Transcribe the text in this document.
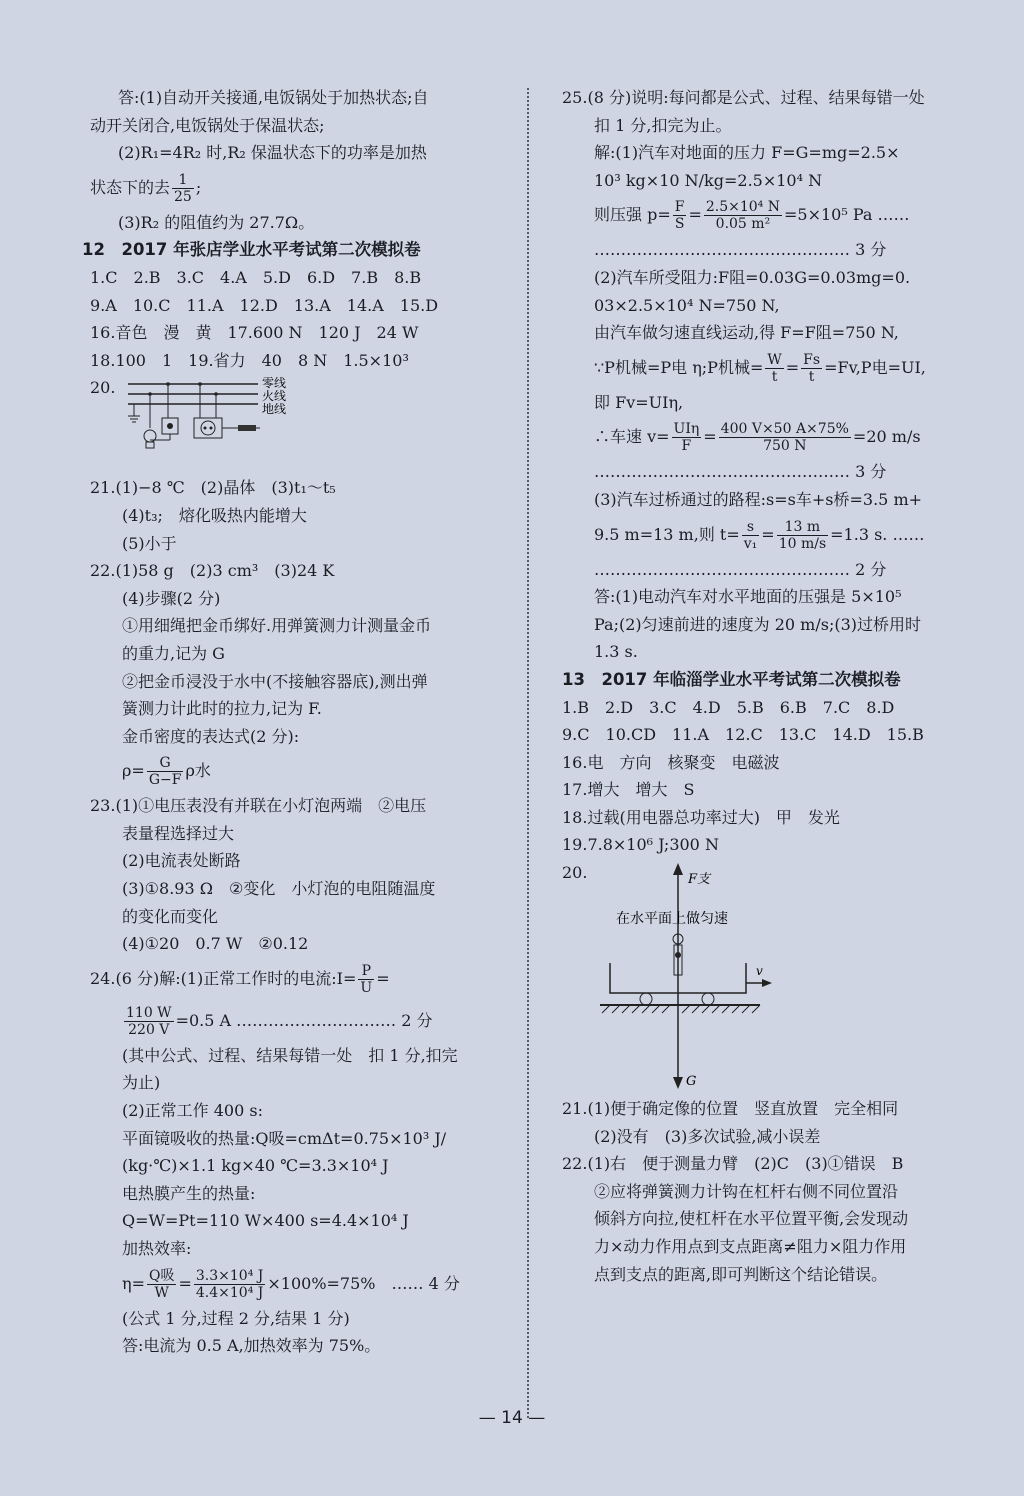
答:(1)自动开关接通,电饭锅处于加热状态;自
动开关闭合,电饭锅处于保温状态;
(2)R₁=4R₂ 时,R₂ 保温状态下的功率是加热
状态下的去 $\frac{1}{25}$ ;
(3)R₂ 的阻值约为 27.7Ω。
12　2017 年张店学业水平考试第二次模拟卷
1.C　2.B　3.C　4.A　5.D　6.D　7.B　8.B
9.A　10.C　11.A　12.D　13.A　14.A　15.D
16.音色　漫　黄　17.600 N　120 J　24 W
18.100　1　19.省力　40　8 N　1.5×10³
20.	零线
火线
地线
21.(1)−8 ℃　(2)晶体　(3)t₁～t₅
(4)t₃;　熔化吸热内能增大
(5)小于
22.(1)58 g　(2)3 cm³　(3)24 K
(4)步骤(2 分)
①用细绳把金币绑好.用弹簧测力计测量金币
的重力,记为 G
②把金币浸没于水中(不接触容器底),测出弹
簧测力计此时的拉力,记为 F.
金币密度的表达式(2 分):
$\rho= \frac{G}{G-F}$ ρ水
23.(1)①电压表没有并联在小灯泡两端　②电压
表量程选择过大
(2)电流表处断路
(3)①8.93 Ω　②变化　小灯泡的电阻随温度
的变化而变化
(4)①20　0.7 W　②0.12
24.(6 分)解:(1)正常工作时的电流:I= $\frac{P}{U}$ =
$\frac{110 W}{220 V} =0.5$ A ………………………… 2 分
(其中公式、过程、结果每错一处　扣 1 分,扣完
为止)
(2)正常工作 400 s:
平面镜吸收的热量:Q吸=cmΔt=0.75×10³ J/
(kg·℃)×1.1 kg×40 ℃=3.3×10⁴ J
电热膜产生的热量:
Q=W=Pt=110 W×400 s=4.4×10⁴ J
加热效率:
$\eta= \frac{\text{Q吸}}{W} = \frac{\text{3.3×10⁴ J}}{\text{4.4×10⁴ J}} \times 100\%=75\%$　…… 4 分
(公式 1 分,过程 2 分,结果 1 分)
答:电流为 0.5 A,加热效率为 75%。
25.(8 分)说明:每问都是公式、过程、结果每错一处
扣 1 分,扣完为止。
解:(1)汽车对地面的压力 F=G=mg=2.5×
10³ kg×10 N/kg=2.5×10⁴ N
则压强 $p= \frac{F}{S} = \frac{\text{2.5×10⁴ N}}{\text{0.05 m²}} =5\times 10^5$ Pa ……
………………………………………… 3 分
(2)汽车所受阻力:F阻=0.03G=0.03mg=0.
03×2.5×10⁴ N=750 N,
由汽车做匀速直线运动,得 F=F阻=750 N,
∵P机械=P电 η;P机械= $\frac{W}{t} = \frac{Fs}{t} =Fv,P$电=UI,
即 Fv=UIη,
∴车速 $v= \frac{\text{UIη}}{F} = \frac{400 V\times 50 A\times 75\%}{750 N} =20$ m/s
………………………………………… 3 分
(3)汽车过桥通过的路程:s=s车+s桥=3.5 m+
9.5 m=13 m,则 $t= \frac{s}{\text{v₁}} = \frac{13 m}{10 m/s} =1.3$ s. ……
………………………………………… 2 分
答:(1)电动汽车对水平地面的压强是 5×10⁵
Pa;(2)匀速前进的速度为 20 m/s;(3)过桥用时
1.3 s.
13　2017 年临淄学业水平考试第二次模拟卷
1.B　2.D　3.C　4.D　5.B　6.B　7.C　8.D
9.C　10.CD　11.A　12.C　13.C　14.D　15.B
16.电　方向　核聚变　电磁波
17.增大　增大　S
18.过载(用电器总功率过大)　甲　发光
19.7.8×10⁶ J;300 N
20.	F支
在水平面上做匀速
v
G
21.(1)便于确定像的位置　竖直放置　完全相同
(2)没有　(3)多次试验,减小误差
22.(1)右　便于测量力臂　(2)C　(3)①错误　B
②应将弹簧测力计钩在杠杆右侧不同位置沿
倾斜方向拉,使杠杆在水平位置平衡,会发现动
力×动力作用点到支点距离≠阻力×阻力作用
点到支点的距离,即可判断这个结论错误。
— 14 —
